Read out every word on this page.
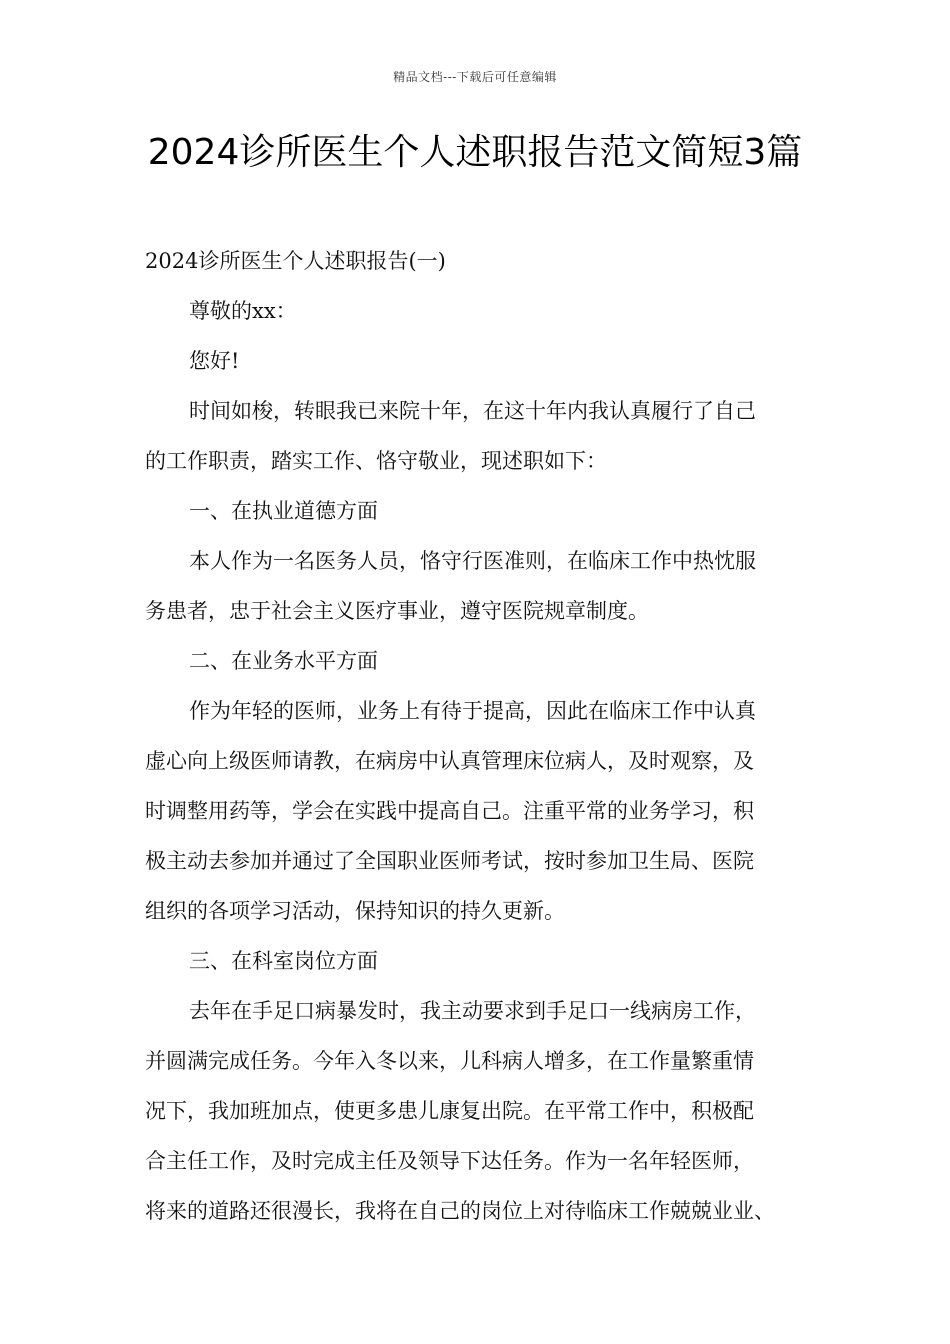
精品文档---下载后可任意编辑
2024诊所医生个人述职报告范文简短3篇

2024诊所医生个人述职报告(一)

尊敬的xx：

您好!

时间如梭，转眼我已来院十年，在这十年内我认真履行了自己

的工作职责，踏实工作、恪守敬业，现述职如下：

一、在执业道德方面

本人作为一名医务人员，恪守行医准则，在临床工作中热忱服

务患者，忠于社会主义医疗事业，遵守医院规章制度。

二、在业务水平方面

作为年轻的医师，业务上有待于提高，因此在临床工作中认真

虚心向上级医师请教，在病房中认真管理床位病人，及时观察，及

时调整用药等，学会在实践中提高自己。注重平常的业务学习，积

极主动去参加并通过了全国职业医师考试，按时参加卫生局、医院

组织的各项学习活动，保持知识的持久更新。

三、在科室岗位方面

去年在手足口病暴发时，我主动要求到手足口一线病房工作，

并圆满完成任务。今年入冬以来，儿科病人增多，在工作量繁重情

况下，我加班加点，使更多患儿康复出院。在平常工作中，积极配

合主任工作，及时完成主任及领导下达任务。作为一名年轻医师，

将来的道路还很漫长，我将在自己的岗位上对待临床工作兢兢业业、
